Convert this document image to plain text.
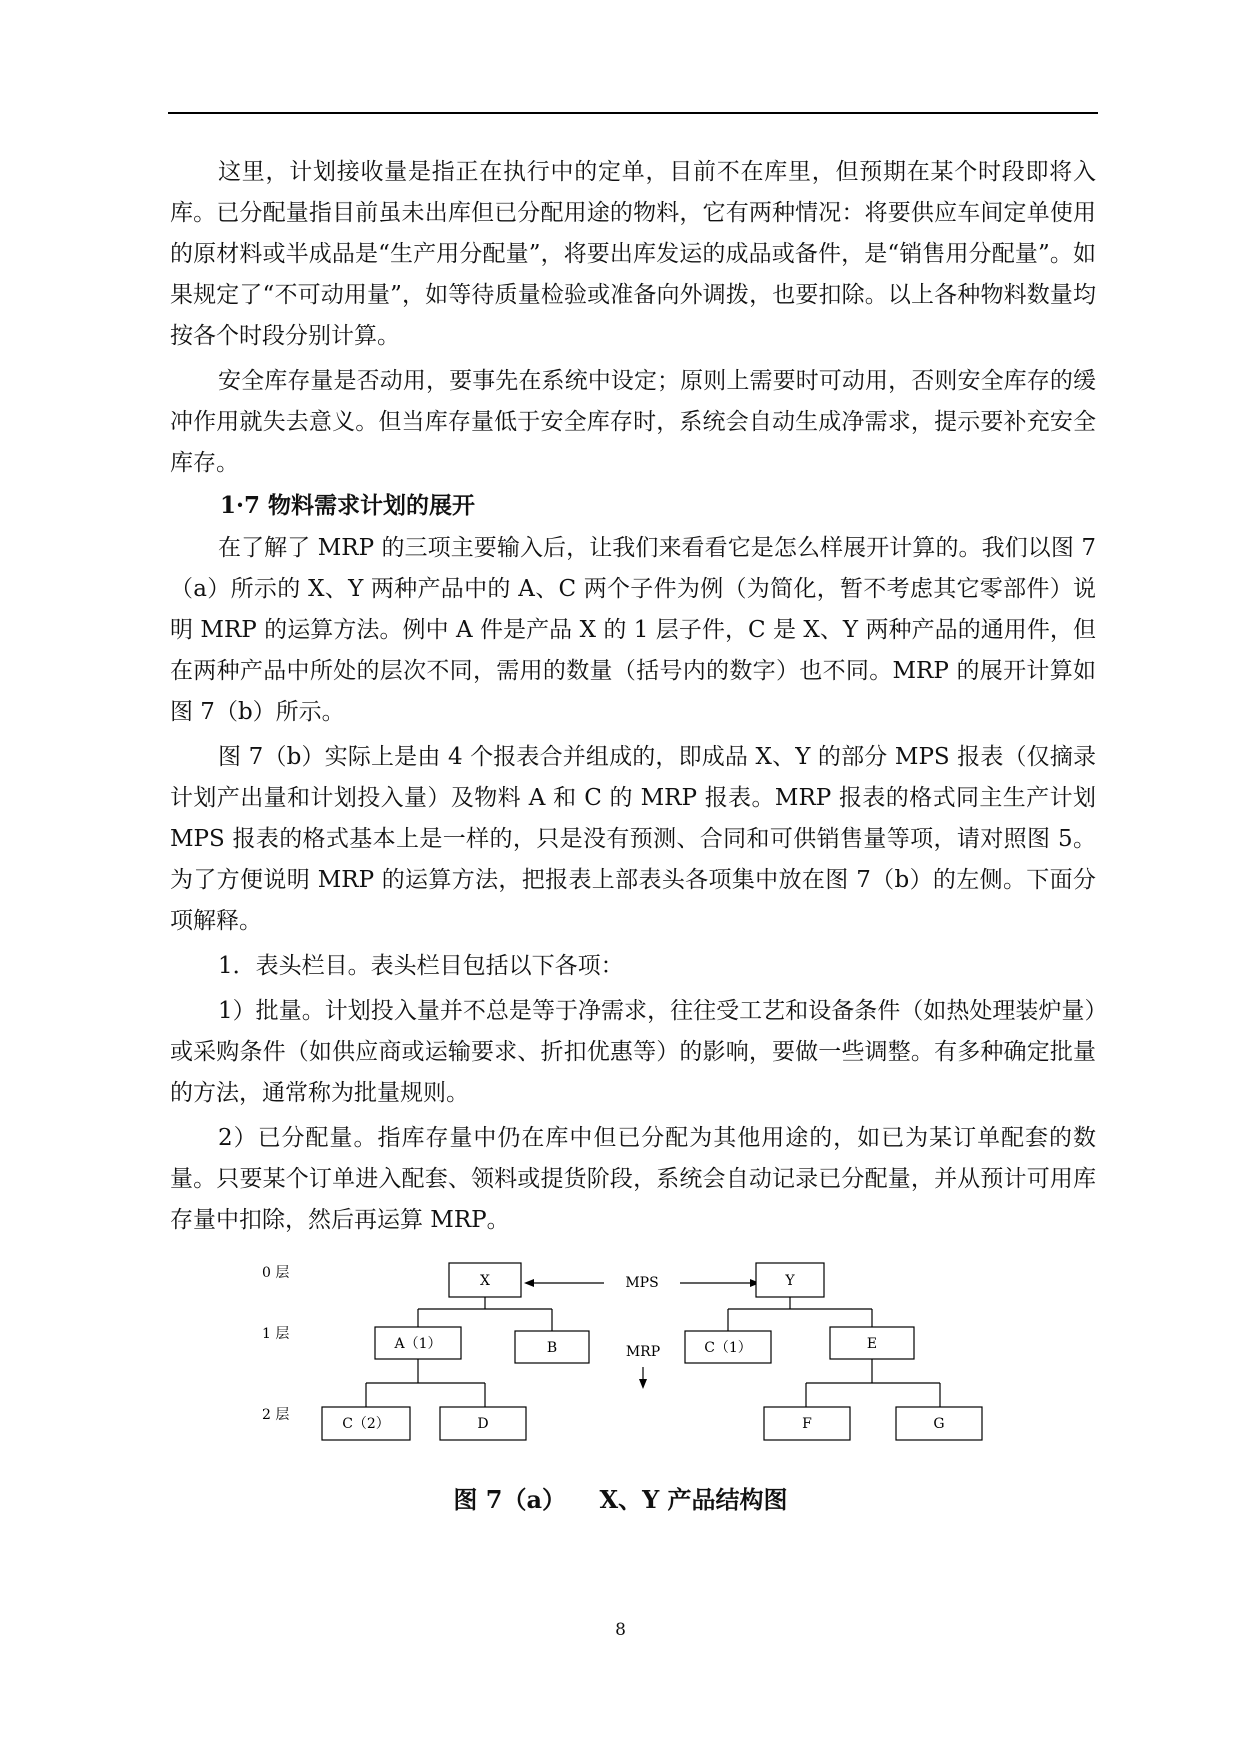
这里，计划接收量是指正在执行中的定单，目前不在库里，但预期在某个时段即将入库。已分配量指目前虽未出库但已分配用途的物料，它有两种情况：将要供应车间定单使用的原材料或半成品是“生产用分配量”，将要出库发运的成品或备件，是“销售用分配量”。如果规定了“不可动用量”，如等待质量检验或准备向外调拨，也要扣除。以上各种物料数量均按各个时段分别计算。

安全库存量是否动用，要事先在系统中设定；原则上需要时可动用，否则安全库存的缓冲作用就失去意义。但当库存量低于安全库存时，系统会自动生成净需求，提示要补充安全库存。

1·7 物料需求计划的展开

在了解了 MRP 的三项主要输入后，让我们来看看它是怎么样展开计算的。我们以图 7（a）所示的 X、Y 两种产品中的 A、C 两个子件为例（为简化，暂不考虑其它零部件）说明 MRP 的运算方法。例中 A 件是产品 X 的 1 层子件，C 是 X、Y 两种产品的通用件，但在两种产品中所处的层次不同，需用的数量（括号内的数字）也不同。MRP 的展开计算如图 7（b）所示。

图 7（b）实际上是由 4 个报表合并组成的，即成品 X、Y 的部分 MPS 报表（仅摘录计划产出量和计划投入量）及物料 A 和 C 的 MRP 报表。MRP 报表的格式同主生产计划 MPS 报表的格式基本上是一样的，只是没有预测、合同和可供销售量等项，请对照图 5。为了方便说明 MRP 的运算方法，把报表上部表头各项集中放在图 7（b）的左侧。下面分项解释。

1．表头栏目。表头栏目包括以下各项：

1）批量。计划投入量并不总是等于净需求，往往受工艺和设备条件（如热处理装炉量）或采购条件（如供应商或运输要求、折扣优惠等）的影响，要做一些调整。有多种确定批量的方法，通常称为批量规则。

2）已分配量。指库存量中仍在库中但已分配为其他用途的，如已为某订单配套的数量。只要某个订单进入配套、领料或提货阶段，系统会自动记录已分配量，并从预计可用库存量中扣除，然后再运算 MRP。

0 层
1 层
2 层
X	Y
A（1）	B	C（1）	E
C（2）	D	F	G
MPS
MRP
图 7（a） X、Y 产品结构图
8
